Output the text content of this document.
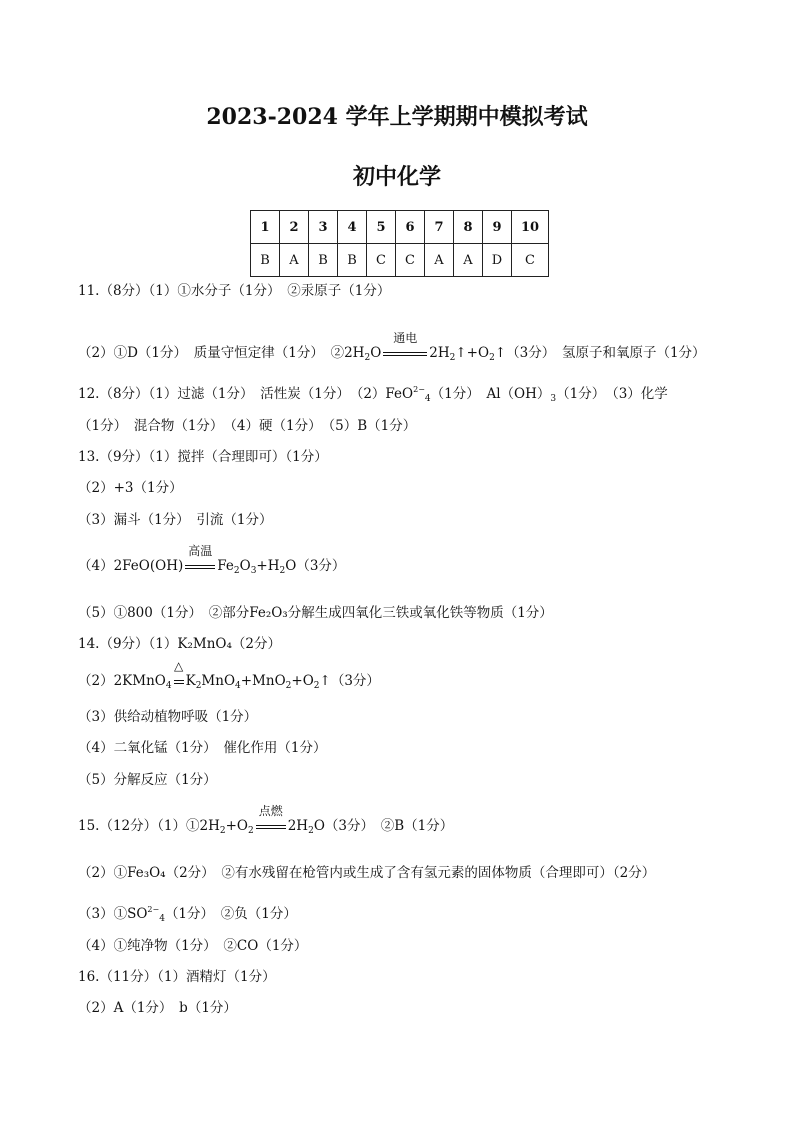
2023-2024 学年上学期期中模拟考试
初中化学
1	2	3	4	5	6	7	8	9	10
B	A	B	B	C	C	A	A	D	C
11.（8分）（1）①水分子（1分）　②汞原子（1分）
（2）①D（1分）　质量守恒定律（1分）　$②2H_2O$
通电
$2H_2↑+O_2↑(3$分）　氢原子和氧原子（1分）
12.（8分）（1）过滤（1分）　活性炭（1分）　（2）FeO$^{2-}_4$（1分）　$Al(OH)_3(1$分）　（3）化学
（1分）　混合物（1分）　（4）硬（1分）　（5）B（1分）
13.（9分）（1）搅拌（合理即可）（1分）
（2）+3（1分）
（3）漏斗（1分）　引流（1分）
（4）2FeO(OH)
高温
$Fe_2O_3+H_2O(3$分）
（5）①800（1分）　②部分Fe₂O₃分解生成四氧化三铁或氧化铁等物质（1分）
14.（9分）（1）K₂MnO₄（2分）
（2）2KMnO$_4$
△
$K_2MnO_4+MnO_2+O_2↑(3$分）
（3）供给动植物呼吸（1分）
（4）二氧化锰（1分）　催化作用（1分）
（5）分解反应（1分）
15.（12分）$(1)①2H_2+O_2$
点燃
$2H_2O(3$分）　②B（1分）
（2）①Fe₃O₄（2分）　②有水残留在枪管内或生成了含有氢元素的固体物质（合理即可）（2分）
$(3)①SO^{2-}_4(1$分）　②负（1分）
（4）①纯净物（1分）　②CO（1分）
16.（11分）（1）酒精灯（1分）
（2）A（1分）　b（1分）
